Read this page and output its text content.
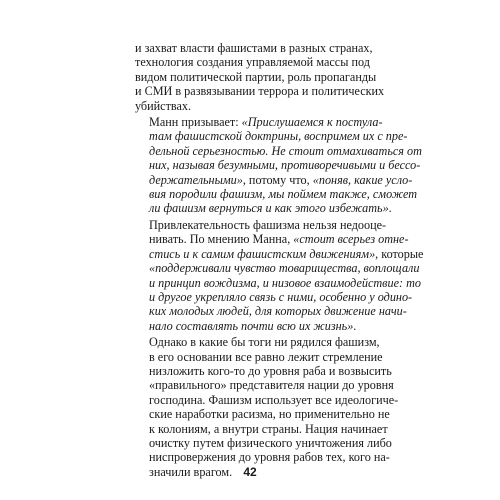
и захват власти фашистами в разных странах,
технология создания управляемой массы под
видом политической партии, роль пропаганды
и СМИ в развязывании террора и политических
убийствах.

Манн призывает: «Прислушаемся к постула-
там фашистской доктрины, воспримем их с пре-
дельной серьезностью. Не стоит отмахиваться от
них, называя безумными, противоречивыми и бессо-
держательными», потому что, «поняв, какие усло-
вия породили фашизм, мы поймем также, сможет
ли фашизм вернуться и как этого избежать».

Привлекательность фашизма нельзя недооце-
нивать. По мнению Манна, «стоит всерьез отне-
стись и к самим фашистским движениям», которые
«поддерживали чувство товарищества, воплощали
и принцип вождизма, и низовое взаимодействие: то
и другое укрепляло связь с ними, особенно у одино-
ких молодых людей, для которых движение начи-
нало составлять почти всю их жизнь».

Однако в какие бы тоги ни рядился фашизм,
в его основании все равно лежит стремление
низложить кого-то до уровня раба и возвысить
«правильного» представителя нации до уровня
господина. Фашизм использует все идеологиче-
ские наработки расизма, но применительно не
к колониям, а внутри страны. Нация начинает
очистку путем физического уничтожения либо
ниспровержения до уровня рабов тех, кого на-
значили врагом. 42
